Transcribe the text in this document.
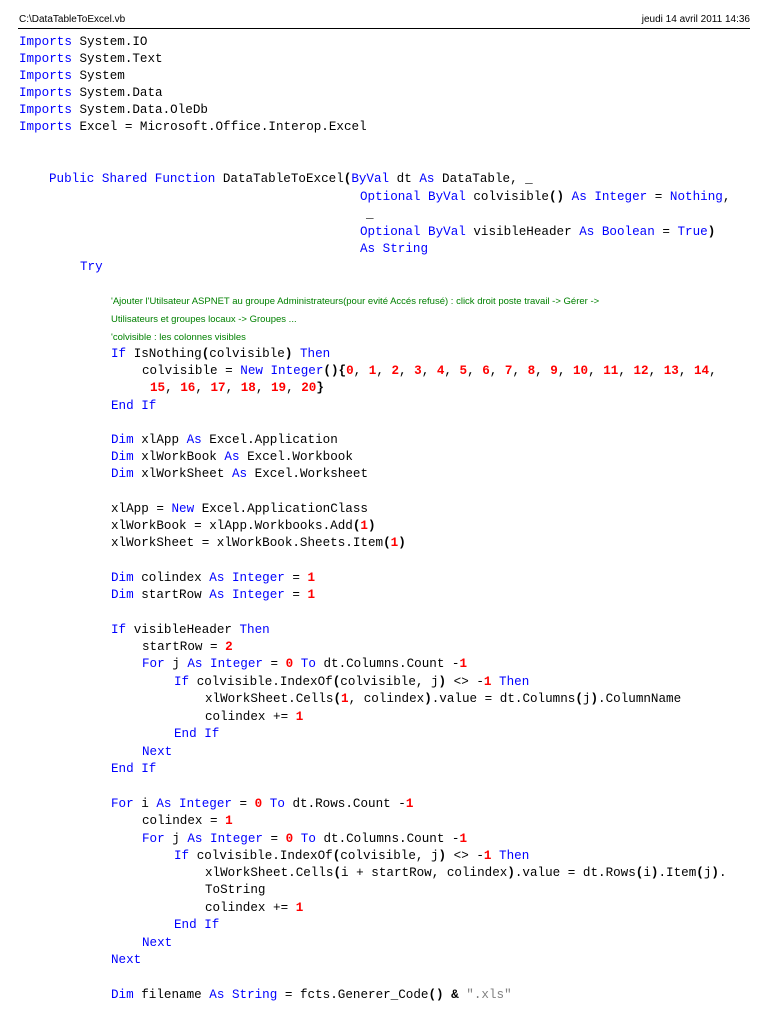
C:\DataTableToExcel.vb	jeudi 14 avril 2011 14:36
Imports System.IO
Imports System.Text
Imports System
Imports System.Data
Imports System.Data.OleDb
Imports Excel = Microsoft.Office.Interop.Excel
Public Shared Function DataTableToExcel(ByVal dt As DataTable, _
Optional ByVal colvisible() As Integer = Nothing,
_
Optional ByVal visibleHeader As Boolean = True)
As String
Try
'Ajouter l'Utilsateur ASPNET au groupe Administrateurs(pour evité Accés refusé) : click droit poste travail -> Gérer ->
Utilisateurs et groupes locaux -> Groupes ...
'colvisible : les colonnes visibles
If IsNothing(colvisible) Then
colvisible = New Integer(){0, 1, 2, 3, 4, 5, 6, 7, 8, 9, 10, 11, 12, 13, 14,
15, 16, 17, 18, 19, 20}
End If
Dim xlApp As Excel.Application
Dim xlWorkBook As Excel.Workbook
Dim xlWorkSheet As Excel.Worksheet
xlApp = New Excel.ApplicationClass
xlWorkBook = xlApp.Workbooks.Add(1)
xlWorkSheet = xlWorkBook.Sheets.Item(1)
Dim colindex As Integer = 1
Dim startRow As Integer = 1
If visibleHeader Then
startRow = 2
For j As Integer = 0 To dt.Columns.Count -1
If colvisible.IndexOf(colvisible, j) <> -1 Then
xlWorkSheet.Cells(1, colindex).value = dt.Columns(j).ColumnName
colindex += 1
End If
Next
End If
For i As Integer = 0 To dt.Rows.Count -1
colindex = 1
For j As Integer = 0 To dt.Columns.Count -1
If colvisible.IndexOf(colvisible, j) <> -1 Then
xlWorkSheet.Cells(i + startRow, colindex).value = dt.Rows(i).Item(j).
ToString
colindex += 1
End If
Next
Next
Dim filename As String = fcts.Generer_Code() & ".xls"
